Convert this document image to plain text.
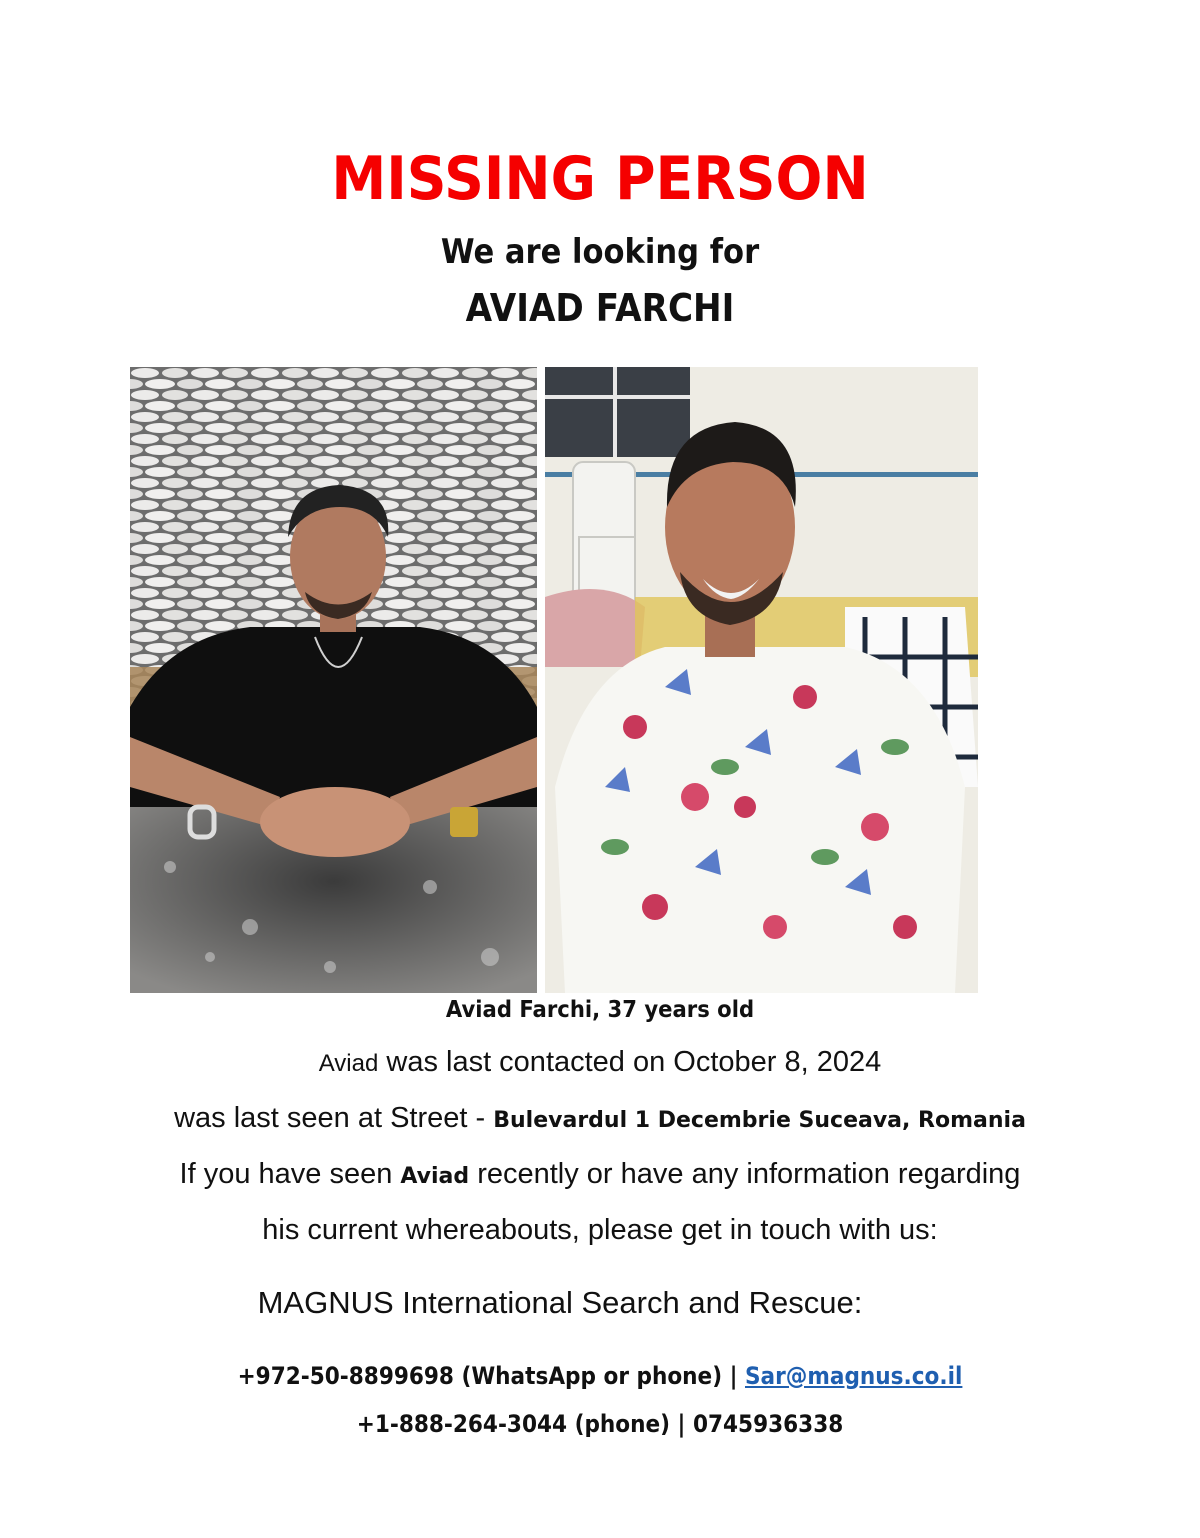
MISSING PERSON
We are looking for
AVIAD FARCHI
Aviad Farchi, 37 years old
Aviad was last contacted on October 8, 2024
was last seen at Street - Bulevardul 1 Decembrie Suceava, Romania
If you have seen Aviad recently or have any information regarding
his current whereabouts, please get in touch with us:
MAGNUS International Search and Rescue:
+972-50-8899698 (WhatsApp or phone) | Sar@magnus.co.il
+1-888-264-3044 (phone) | 0745936338
